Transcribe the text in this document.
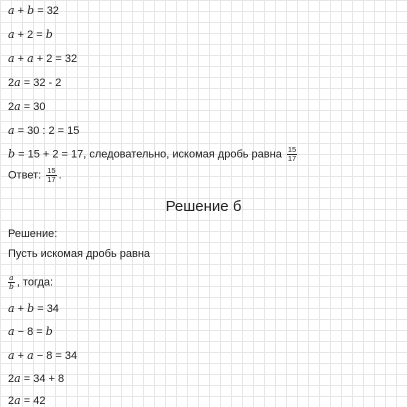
a + b = 32
a + 2 = b
a + a + 2 = 32
2a = 32 - 2
2a = 30
a = 30 : 2 = 15
b = 15 + 2 = 17, следовательно, искомая дробь равна $\frac{15}{17}$
Ответ: $\frac{15}{17}$ .
Решение б
Решение:
Пусть искомая дробь равна
$\frac{a}{b}$ , тогда:
a + b = 34
a − 8 = b
a + a − 8 = 34
2a = 34 + 8
2a = 42
